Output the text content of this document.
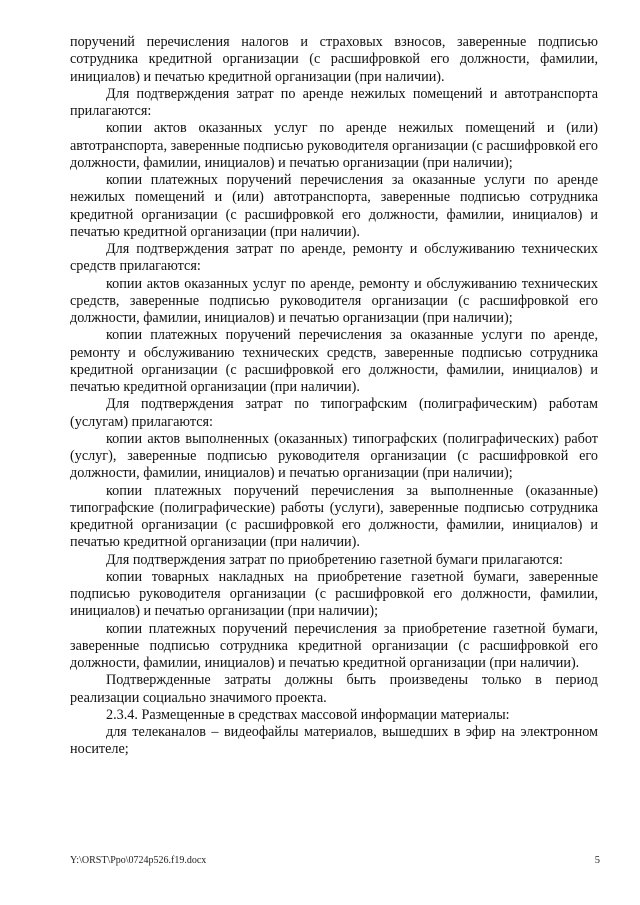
поручений перечисления налогов и страховых взносов, заверенные подписью сотрудника кредитной организации (с расшифровкой его должности, фамилии, инициалов) и печатью кредитной организации (при наличии).

Для подтверждения затрат по аренде нежилых помещений и автотранспорта прилагаются:

копии актов оказанных услуг по аренде нежилых помещений и (или) автотранспорта, заверенные подписью руководителя организации (с расшифровкой его должности, фамилии, инициалов) и печатью организации (при наличии);

копии платежных поручений перечисления за оказанные услуги по аренде нежилых помещений и (или) автотранспорта, заверенные подписью сотрудника кредитной организации (с расшифровкой его должности, фамилии, инициалов) и печатью кредитной организации (при наличии).

Для подтверждения затрат по аренде, ремонту и обслуживанию технических средств прилагаются:

копии актов оказанных услуг по аренде, ремонту и обслуживанию технических средств, заверенные подписью руководителя организации (с расшифровкой его должности, фамилии, инициалов) и печатью организации (при наличии);

копии платежных поручений перечисления за оказанные услуги по аренде, ремонту и обслуживанию технических средств, заверенные подписью сотрудника кредитной организации (с расшифровкой его должности, фамилии, инициалов) и печатью кредитной организации (при наличии).

Для подтверждения затрат по типографским (полиграфическим) работам (услугам) прилагаются:

копии актов выполненных (оказанных) типографских (полиграфических) работ (услуг), заверенные подписью руководителя организации (с расшифровкой его должности, фамилии, инициалов) и печатью организации (при наличии);

копии платежных поручений перечисления за выполненные (оказанные) типографские (полиграфические) работы (услуги), заверенные подписью сотрудника кредитной организации (с расшифровкой его должности, фамилии, инициалов) и печатью кредитной организации (при наличии).

Для подтверждения затрат по приобретению газетной бумаги прилагаются:

копии товарных накладных на приобретение газетной бумаги, заверенные подписью руководителя организации (с расшифровкой его должности, фамилии, инициалов) и печатью организации (при наличии);

копии платежных поручений перечисления за приобретение газетной бумаги, заверенные подписью сотрудника кредитной организации (с расшифровкой его должности, фамилии, инициалов) и печатью кредитной организации (при наличии).

Подтвержденные затраты должны быть произведены только в период реализации социально значимого проекта.

2.3.4. Размещенные в средствах массовой информации материалы:

для телеканалов – видеофайлы материалов, вышедших в эфир на электронном носителе;

Y:\ORST\Ppo\0724p526.f19.docx	5
